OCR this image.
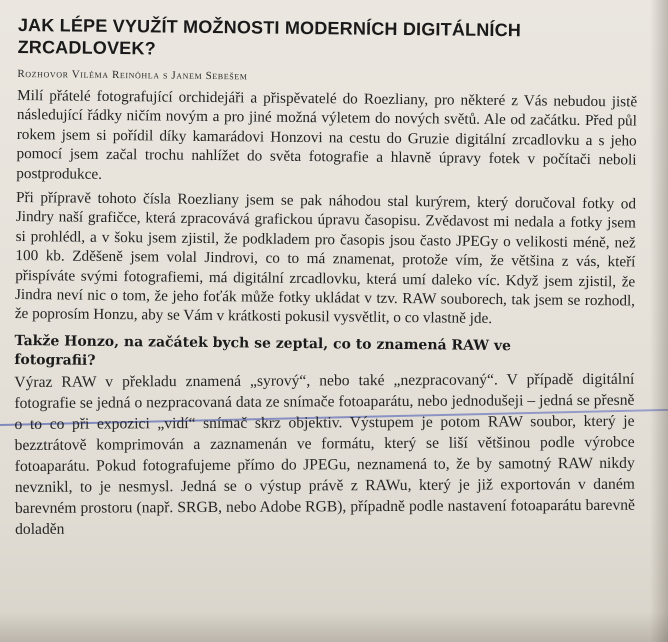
JAK LÉPE VYUŽÍT MOŽNOSTI MODERNÍCH DIGITÁLNÍCH ZRCADLOVEK?
Rozhovor Viléma Reinöhla s Janem Sebešem

Milí přátelé fotografující orchidejáři a přispěvatelé do Roezliany, pro některé z Vás nebudou jistě následující řádky ničím novým a pro jiné možná výletem do nových světů. Ale od začátku. Před půl rokem jsem si pořídil díky kamarádovi Honzovi na cestu do Gruzie digitální zrcadlovku a s jeho pomocí jsem začal trochu nahlížet do světa fotografie a hlavně úpravy fotek v počítači neboli postprodukce.

Při přípravě tohoto čísla Roezliany jsem se pak náhodou stal kurýrem, který doručoval fotky od Jindry naší grafičce, která zpracovává grafickou úpravu časopisu. Zvědavost mi nedala a fotky jsem si prohlédl, a v šoku jsem zjistil, že podkladem pro časopis jsou často JPEGy o velikosti méně, než 100 kb. Zděšeně jsem volal Jindrovi, co to má znamenat, protože vím, že většina z vás, kteří přispíváte svými fotografiemi, má digitální zrcadlovku, která umí daleko víc. Když jsem zjistil, že Jindra neví nic o tom, že jeho foťák může fotky ukládat v tzv. RAW souborech, tak jsem se rozhodl, že poprosím Honzu, aby se Vám v krátkosti pokusil vysvětlit, o co vlastně jde.

Takže Honzo, na začátek bych se zeptal, co to znamená RAW ve fotografii?

Výraz RAW v překladu znamená „syrový“, nebo také „nezpracovaný“. V případě digitální fotografie se jedná o nezpracovaná data ze snímače fotoaparátu, nebo jednodušeji – jedná se přesně o to co při expozici „vidí“ snímač skrz objektiv. Výstupem je potom RAW soubor, který je bezztrátově komprimován a zaznamenán ve formátu, který se liší většinou podle výrobce fotoaparátu. Pokud fotografujeme přímo do JPEGu, neznamená to, že by samotný RAW nikdy nevznikl, to je nesmysl. Jedná se o výstup právě z RAWu, který je již exportován v daném barevném prostoru (např. SRGB, nebo Adobe RGB), případně podle nastavení fotoaparátu barevně doladěn
